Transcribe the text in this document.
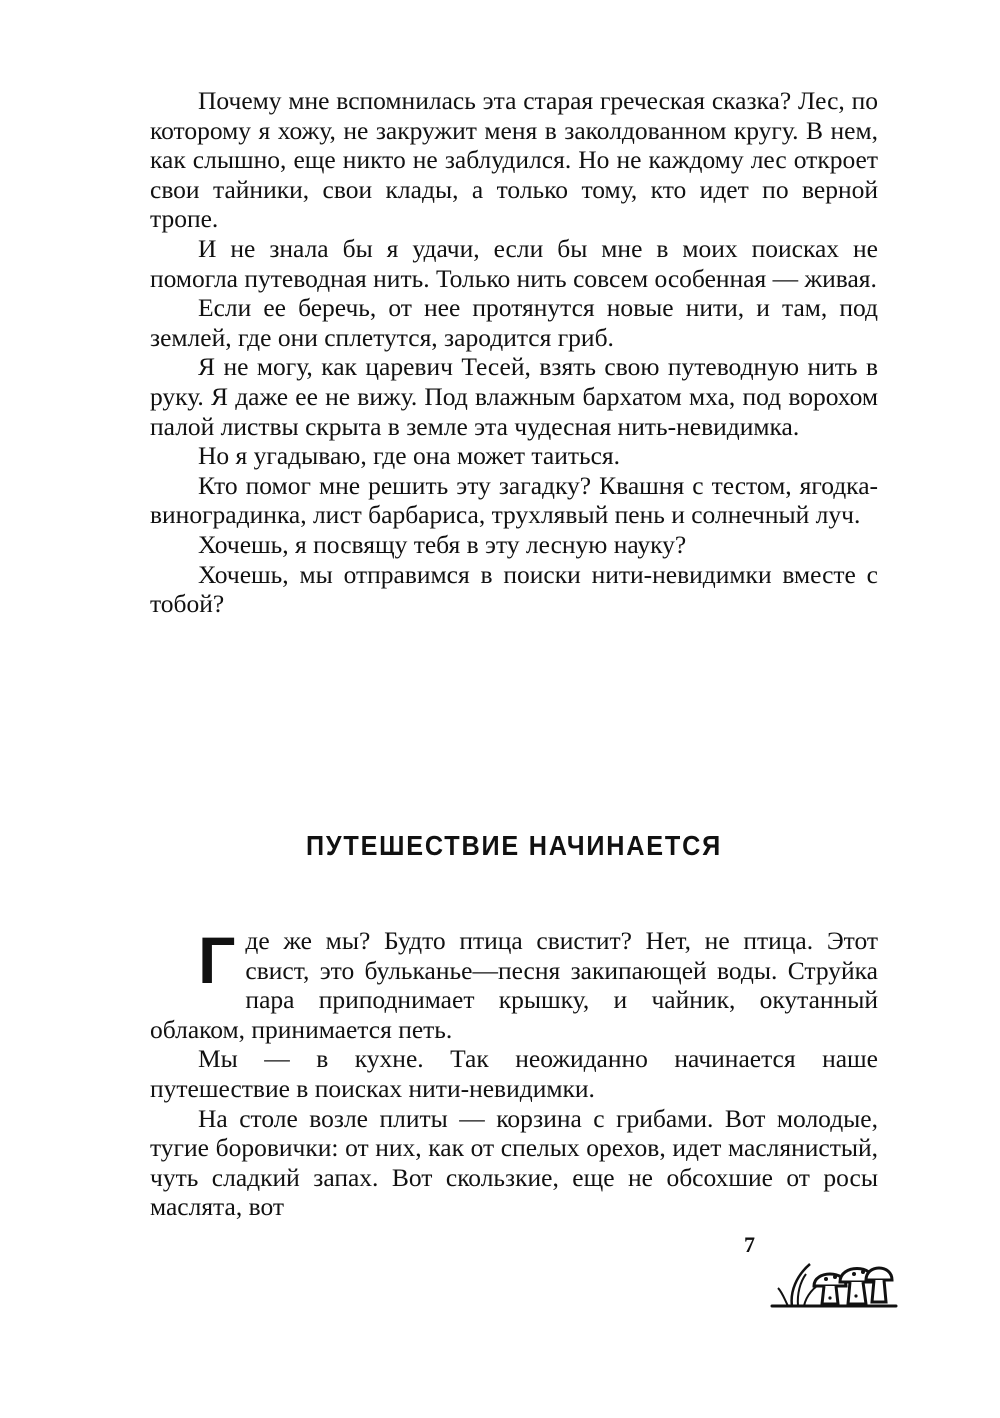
Почему мне вспомнилась эта старая греческая сказка? Лес, по которому я хожу, не закружит меня в заколдованном кругу. В нем, как слышно, еще никто не заблудился. Но не каждому лес откроет свои тайники, свои клады, а только тому, кто идет по верной тропе.

И не знала бы я удачи, если бы мне в моих поисках не помогла путеводная нить. Только нить совсем особенная — живая.

Если ее беречь, от нее протянутся новые нити, и там, под землей, где они сплетутся, зародится гриб.

Я не могу, как царевич Тесей, взять свою путеводную нить в руку. Я даже ее не вижу. Под влажным бархатом мха, под ворохом палой листвы скрыта в земле эта чудесная нить-невидимка.

Но я угадываю, где она может таиться.

Кто помог мне решить эту загадку? Квашня с тестом, ягодка-виноградинка, лист барбариса, трухлявый пень и солнечный луч.

Хочешь, я посвящу тебя в эту лесную науку?

Хочешь, мы отправимся в поиски нити-невидимки вместе с тобой?

ПУТЕШЕСТВИЕ НАЧИНАЕТСЯ

Г де же мы? Будто птица свистит? Нет, не птица. Этот свист, это бульканье—песня закипающей воды. Струйка пара приподнимает крышку, и чайник, окутанный облаком, принимается петь.

Мы — в кухне. Так неожиданно начинается наше путешествие в поисках нити-невидимки.

На столе возле плиты — корзина с грибами. Вот молодые, тугие боровички: от них, как от спелых орехов, идет маслянистый, чуть сладкий запах. Вот скользкие, еще не обсохшие от росы маслята, вот

7
